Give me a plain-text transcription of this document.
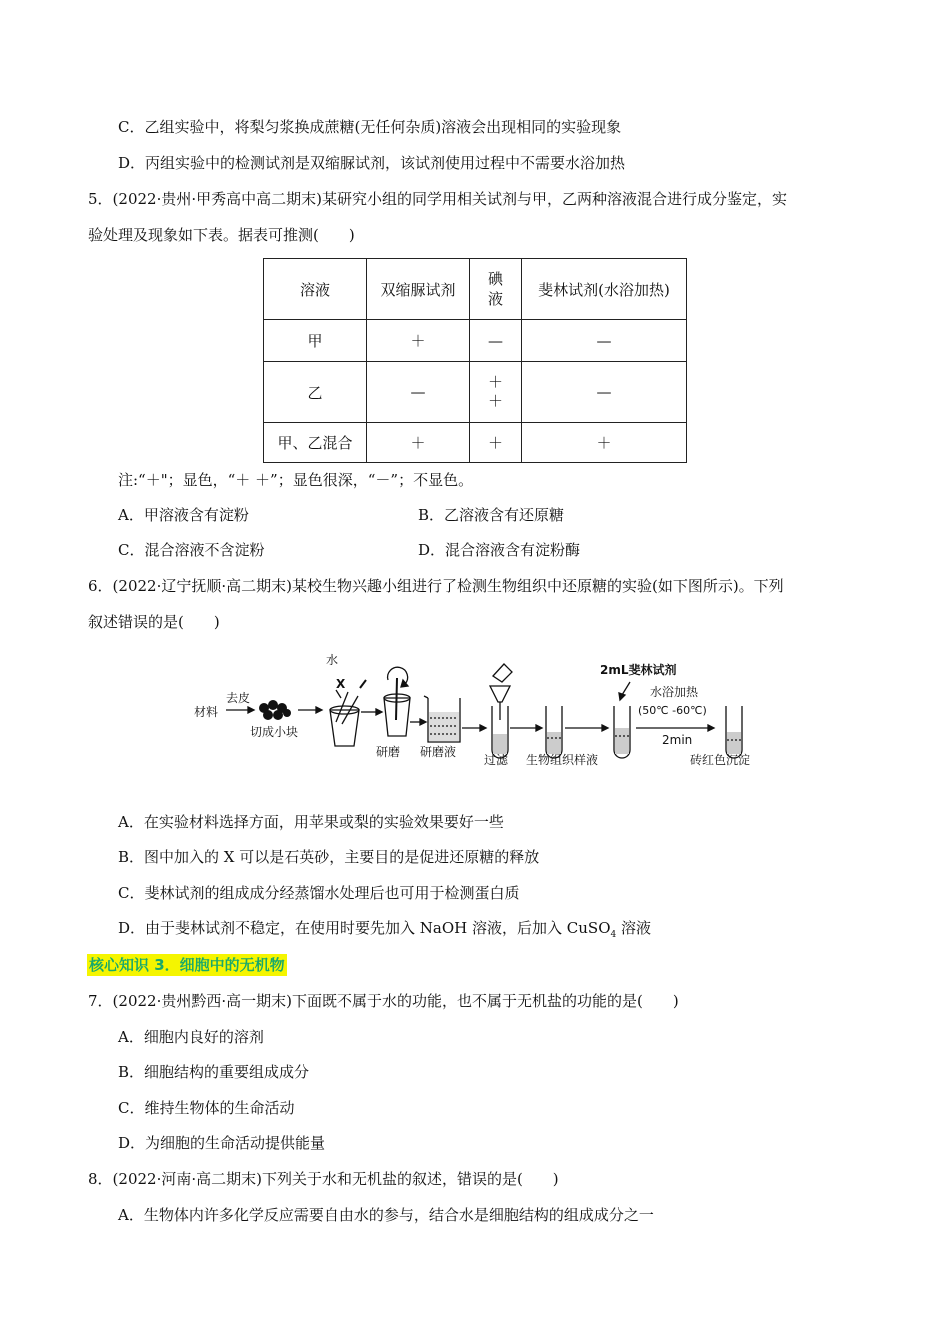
C．乙组实验中，将梨匀浆换成蔗糖(无任何杂质)溶液会出现相同的实验现象
D．丙组实验中的检测试剂是双缩脲试剂，该试剂使用过程中不需要水浴加热
5．(2022·贵州·甲秀高中高二期末)某研究小组的同学用相关试剂与甲，乙两种溶液混合进行成分鉴定，实
验处理及现象如下表。据表可推测(　　)
溶液	双缩脲试剂	碘液	斐林试剂(水浴加热)
甲	＋	—	—
乙	—	＋＋	—
甲、乙混合	＋	＋	＋
注:“＋"；显色，“＋ ＋”；显色很深，“－”；不显色。
A．甲溶液含有淀粉	B．乙溶液含有还原糖
C．混合溶液不含淀粉	D．混合溶液含有淀粉酶
6．(2022·辽宁抚顺·高二期末)某校生物兴趣小组进行了检测生物组织中还原糖的实验(如下图所示)。下列
叙述错误的是(　　)
材料
去皮
切成小块
水
X
研磨 研磨液
过滤 生物组织样液
2mL斐林试剂
水浴加热
(50℃ -60℃)
2min
砖红色沉淀
A．在实验材料选择方面，用苹果或梨的实验效果要好一些
B．图中加入的 X 可以是石英砂，主要目的是促进还原糖的释放
C．斐林试剂的组成成分经蒸馏水处理后也可用于检测蛋白质
D．由于斐林试剂不稳定，在使用时要先加入 NaOH 溶液，后加入 CuSO$_4$ 溶液
核心知识 3．细胞中的无机物
7．(2022·贵州黔西·高一期末)下面既不属于水的功能，也不属于无机盐的功能的是(　　)
A．细胞内良好的溶剂
B．细胞结构的重要组成成分
C．维持生物体的生命活动
D．为细胞的生命活动提供能量
8．(2022·河南·高二期末)下列关于水和无机盐的叙述，错误的是(　　)
A．生物体内许多化学反应需要自由水的参与，结合水是细胞结构的组成成分之一
